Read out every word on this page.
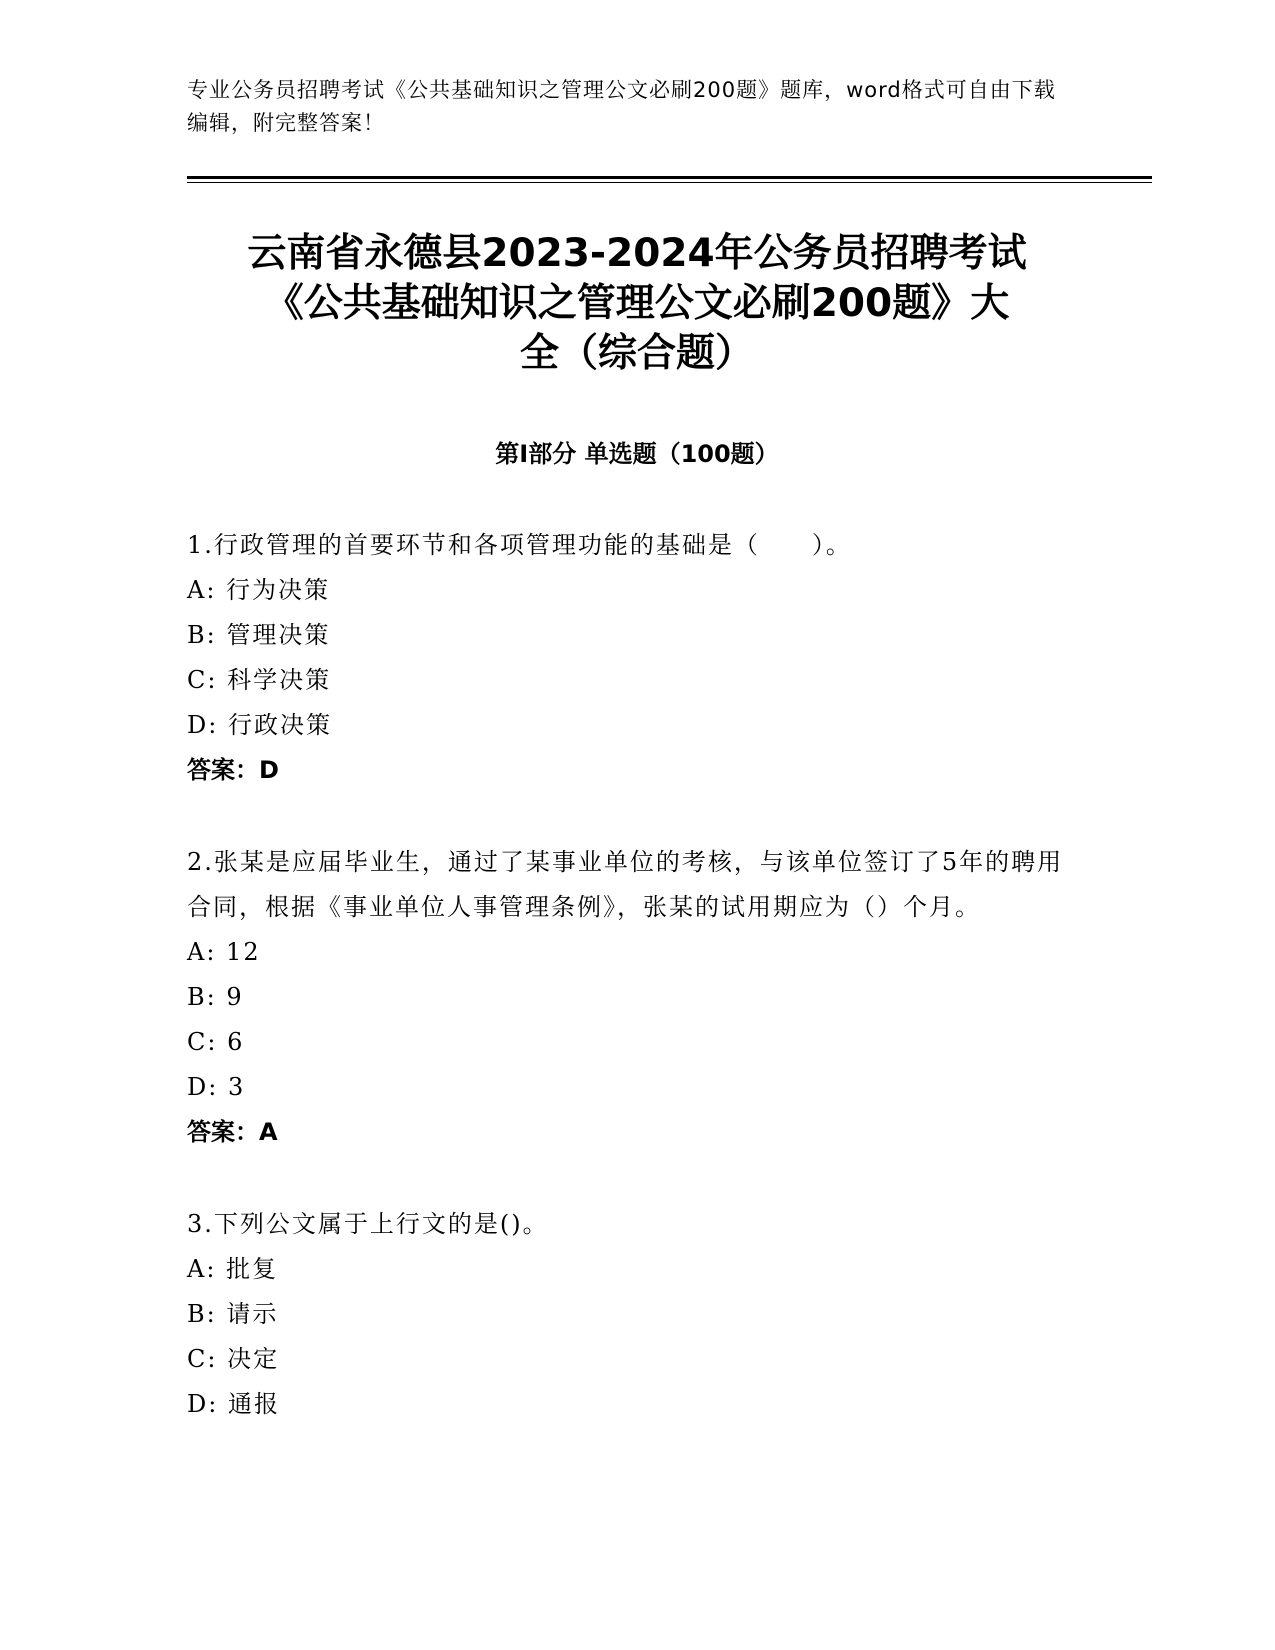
专业公务员招聘考试《公共基础知识之管理公文必刷200题》题库，word格式可自由下载编辑，附完整答案！
云南省永德县2023-2024年公务员招聘考试
《公共基础知识之管理公文必刷200题》大
全（综合题）
第I部分 单选题（100题）
1.行政管理的首要环节和各项管理功能的基础是（　　）。
A: 行为决策
B: 管理决策
C: 科学决策
D: 行政决策
答案：D
2.张某是应届毕业生，通过了某事业单位的考核，与该单位签订了5年的聘用合同，根据《事业单位人事管理条例》，张某的试用期应为（）个月。
A: 12
B: 9
C: 6
D: 3
答案：A
3.下列公文属于上行文的是()。
A: 批复
B: 请示
C: 决定
D: 通报
